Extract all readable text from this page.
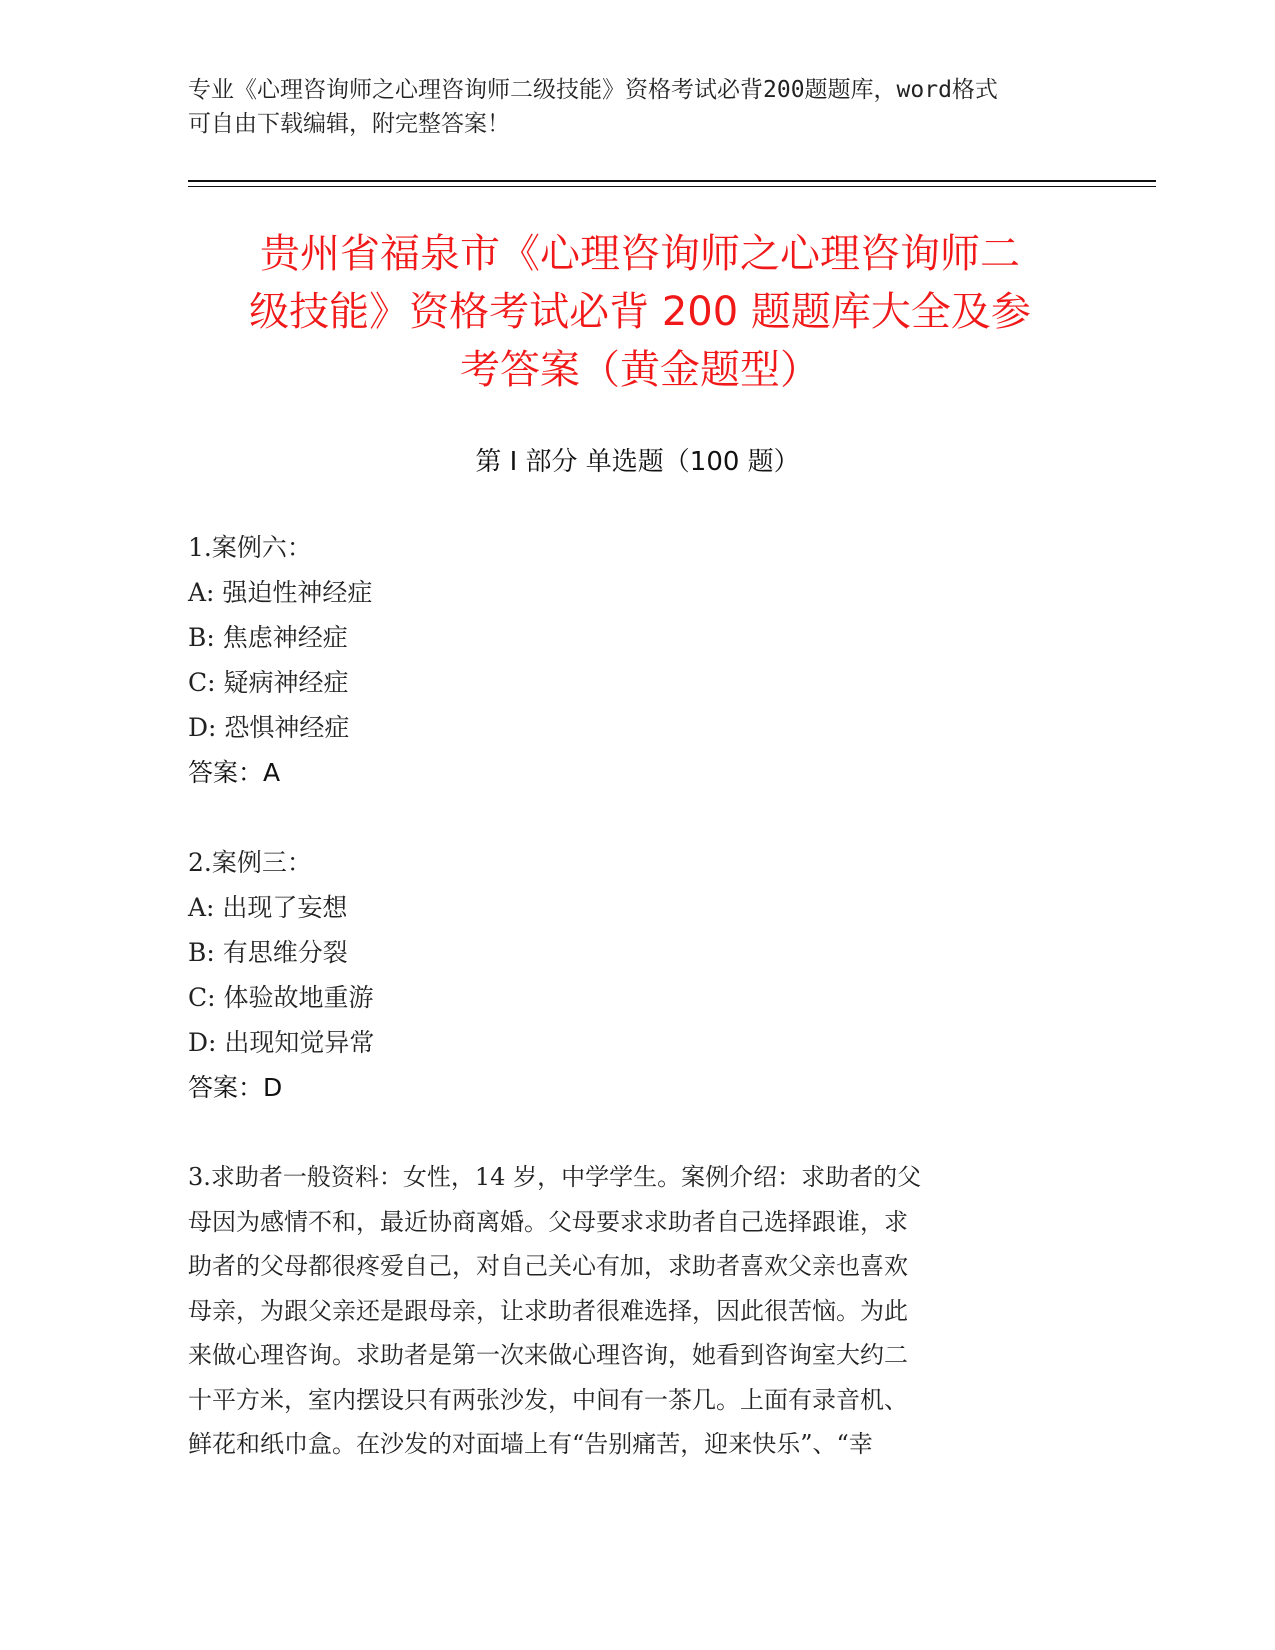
专业《心理咨询师之心理咨询师二级技能》资格考试必背200题题库，word格式

可自由下载编辑，附完整答案！

贵州省福泉市《心理咨询师之心理咨询师二

级技能》资格考试必背 200 题题库大全及参

考答案（黄金题型）

第 I 部分 单选题（100 题）

1.案例六：

A: 强迫性神经症

B: 焦虑神经症

C: 疑病神经症

D: 恐惧神经症

答案：A

2.案例三：

A: 出现了妄想

B: 有思维分裂

C: 体验故地重游

D: 出现知觉异常

答案：D

3.求助者一般资料：女性，14 岁，中学学生。案例介绍：求助者的父

母因为感情不和，最近协商离婚。父母要求求助者自己选择跟谁，求

助者的父母都很疼爱自己，对自己关心有加，求助者喜欢父亲也喜欢

母亲，为跟父亲还是跟母亲，让求助者很难选择，因此很苦恼。为此

来做心理咨询。求助者是第一次来做心理咨询，她看到咨询室大约二

十平方米，室内摆设只有两张沙发，中间有一茶几。上面有录音机、

鲜花和纸巾盒。在沙发的对面墙上有“告别痛苦，迎来快乐”、“幸
